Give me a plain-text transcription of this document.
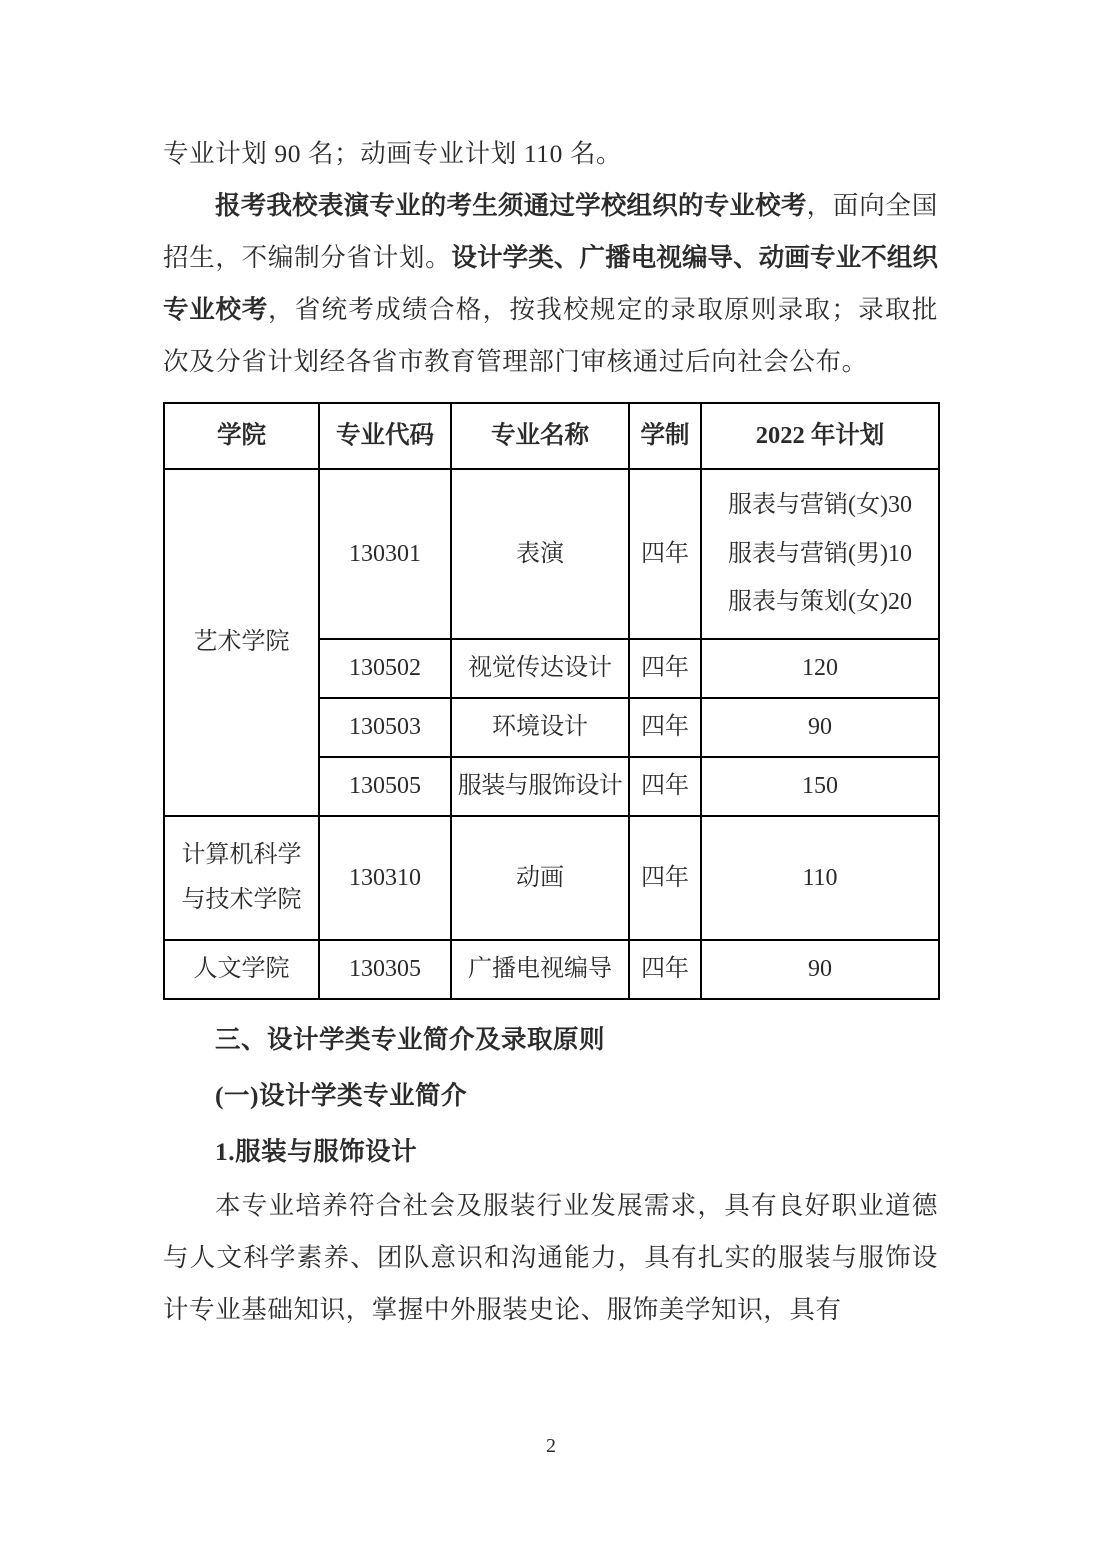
专业计划 90 名；动画专业计划 110 名。

报考我校表演专业的考生须通过学校组织的专业校考，面向全国招生，不编制分省计划。设计学类、广播电视编导、动画专业不组织专业校考，省统考成绩合格，按我校规定的录取原则录取；录取批次及分省计划经各省市教育管理部门审核通过后向社会公布。

学院	专业代码	专业名称	学制	2022 年计划
艺术学院	130301	表演	四年	服表与营销(女)30
服表与营销(男)10
服表与策划(女)20

	130502	视觉传达设计	四年	120
	130503	环境设计	四年	90
	130505	服装与服饰设计	四年	150

计算机科学
与技术学院	130310	动画	四年	110
人文学院	130305	广播电视编导	四年	90

三、设计学类专业简介及录取原则

(一)设计学类专业简介

1.服装与服饰设计

本专业培养符合社会及服装行业发展需求，具有良好职业道德与人文科学素养、团队意识和沟通能力，具有扎实的服装与服饰设计专业基础知识，掌握中外服装史论、服饰美学知识，具有

2
